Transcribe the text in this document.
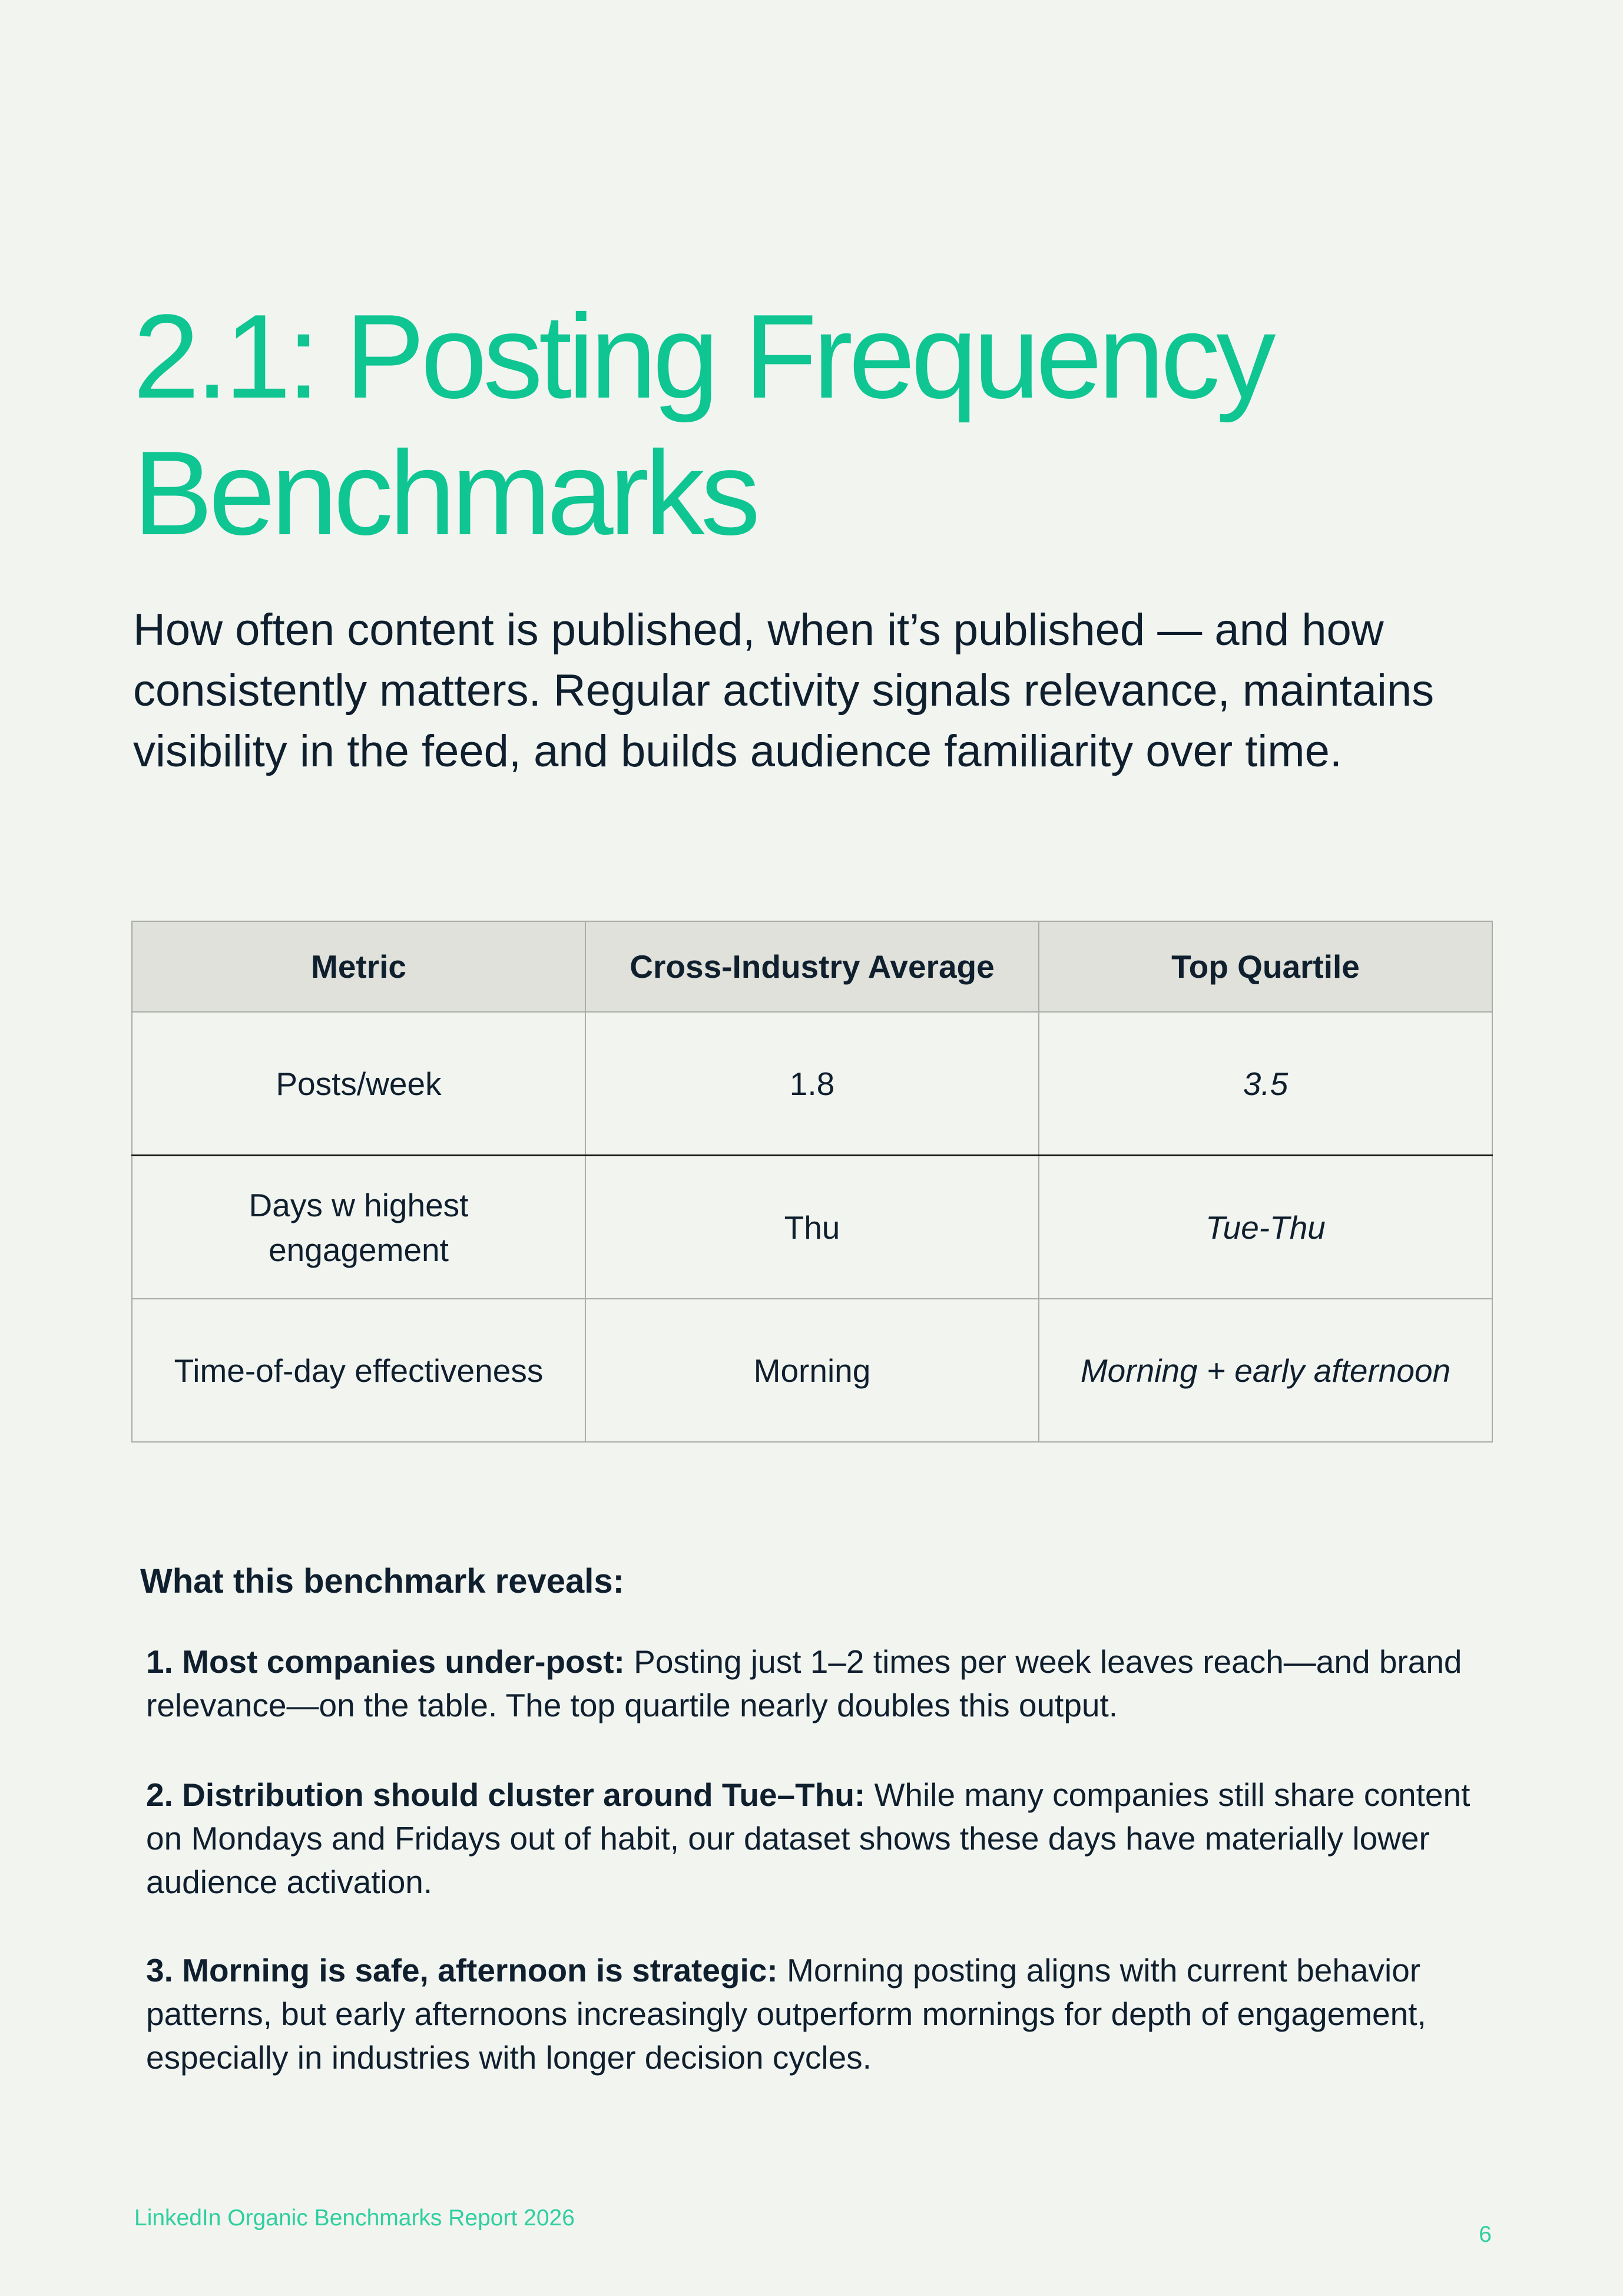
2.1: Posting Frequency
Benchmarks

How often content is published, when it’s published — and how consistently matters. Regular activity signals relevance, maintains visibility in the feed, and builds audience familiarity over time.

Metric	Cross-Industry Average	Top Quartile
Posts/week	1.8	3.5
Days w highest engagement	Thu	Tue-Thu
Time-of-day effectiveness	Morning	Morning + early afternoon

What this benchmark reveals:

1. Most companies under-post: Posting just 1–2 times per week leaves reach—and brand relevance—on the table. The top quartile nearly doubles this output.

2. Distribution should cluster around Tue–Thu: While many companies still share content on Mondays and Fridays out of habit, our dataset shows these days have materially lower audience activation.

3. Morning is safe, afternoon is strategic: Morning posting aligns with current behavior patterns, but early afternoons increasingly outperform mornings for depth of engagement, especially in industries with longer decision cycles.

LinkedIn Organic Benchmarks Report 2026

6
